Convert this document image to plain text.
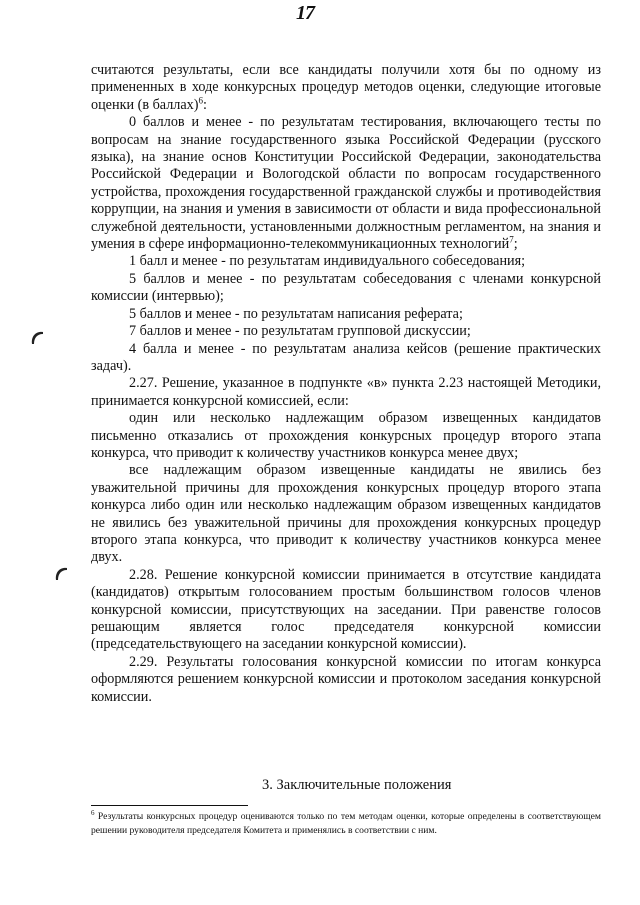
17

считаются результаты, если все кандидаты получили хотя бы по одному из примененных в ходе конкурсных процедур методов оценки, следующие итоговые оценки (в баллах)$^6$:

0 баллов и менее - по результатам тестирования, включающего тесты по вопросам на знание государственного языка Российской Федерации (русского языка), на знание основ Конституции Российской Федерации, законодательства Российской Федерации и Вологодской области по вопросам государственного устройства, прохождения государственной гражданской службы и противодействия коррупции, на знания и умения в зависимости от области и вида профессиональной служебной деятельности, установленными должностным регламентом, на знания и умения в сфере информационно-телекоммуникационных технологий$^7$;

1 балл и менее - по результатам индивидуального собеседования;

5 баллов и менее - по результатам собеседования с членами конкурсной комиссии (интервью);

5 баллов и менее - по результатам написания реферата;

7 баллов и менее - по результатам групповой дискуссии;

4 балла и менее - по результатам анализа кейсов (решение практических задач).

2.27. Решение, указанное в подпункте «в» пункта 2.23 настоящей Методики, принимается конкурсной комиссией, если:

один или несколько надлежащим образом извещенных кандидатов письменно отказались от прохождения конкурсных процедур второго этапа конкурса, что приводит к количеству участников конкурса менее двух;

все надлежащим образом извещенные кандидаты не явились без уважительной причины для прохождения конкурсных процедур второго этапа конкурса либо один или несколько надлежащим образом извещенных кандидатов не явились без уважительной причины для прохождения конкурсных процедур второго этапа конкурса, что приводит к количеству участников конкурса менее двух.

2.28. Решение конкурсной комиссии принимается в отсутствие кандидата (кандидатов) открытым голосованием простым большинством голосов членов конкурсной комиссии, присутствующих на заседании. При равенстве голосов решающим является голос председателя конкурсной комиссии (председательствующего на заседании конкурсной комиссии).

2.29. Результаты голосования конкурсной комиссии по итогам конкурса оформляются решением конкурсной комиссии и протоколом заседания конкурсной комиссии.

3. Заключительные положения
$^6$ Результаты конкурсных процедур оцениваются только по тем методам оценки, которые определены в соответствующем решении руководителя председателя Комитета и применялись в соответствии с ним.
